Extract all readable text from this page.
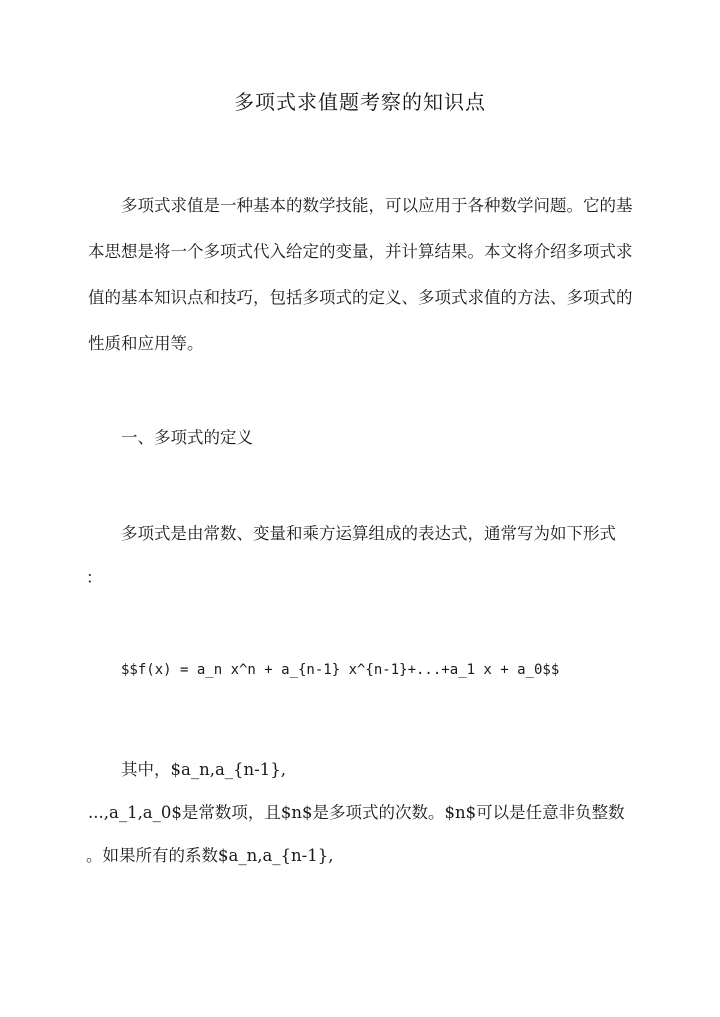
多项式求值题考察的知识点

多项式求值是一种基本的数学技能，可以应用于各种数学问题。它的基本思想是将一个多项式代入给定的变量，并计算结果。本文将介绍多项式求值的基本知识点和技巧，包括多项式的定义、多项式求值的方法、多项式的性质和应用等。

一、多项式的定义

多项式是由常数、变量和乘方运算组成的表达式，通常写为如下形式

：

$$f(x) = a_n x^n + a_{n-1} x^{n-1}+...+a_1 x + a_0$$

其中，$a_n,a_{n-1},

...,a_1,a_0$是常数项，且$n$是多项式的次数。$n$可以是任意非负整数

。如果所有的系数$a_n,a_{n-1},
